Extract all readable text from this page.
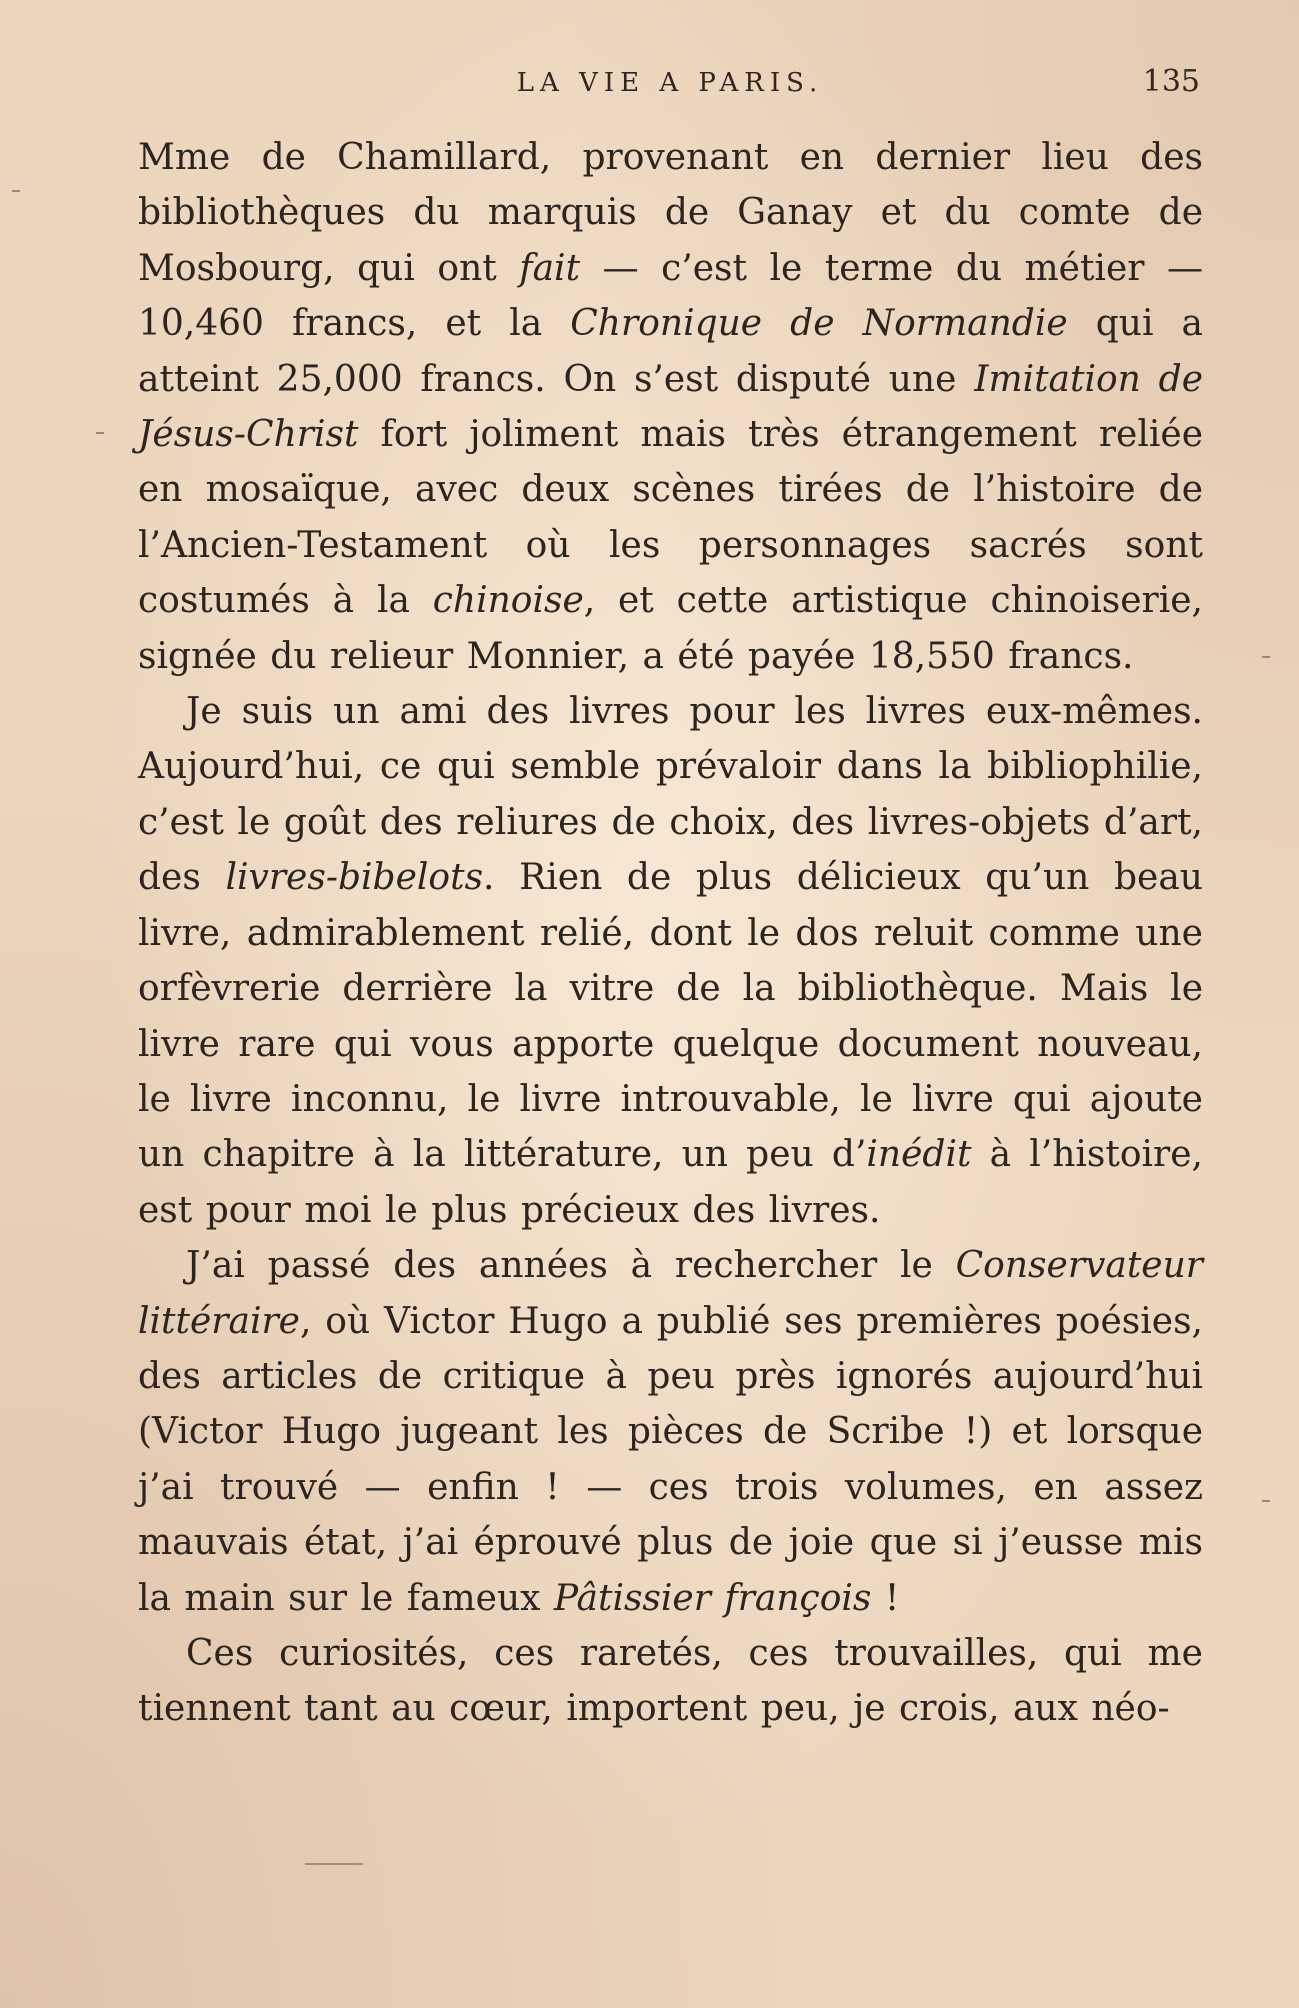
LA VIE A PARIS.	135

Mme de Chamillard, provenant en dernier lieu des bibliothèques du marquis de Ganay et du comte de Mosbourg, qui ont fait — c’est le terme du métier — 10,460 francs, et la Chronique de Normandie qui a atteint 25,000 francs. On s’est disputé une Imitation de Jésus-Christ fort joliment mais très étrangement reliée en mosaïque, avec deux scènes tirées de l’histoire de l’Ancien-Testament où les personnages sacrés sont costumés à la chinoise, et cette artistique chinoiserie, signée du relieur Monnier, a été payée 18,550 francs.

Je suis un ami des livres pour les livres eux-mêmes. Aujourd’hui, ce qui semble prévaloir dans la bibliophilie, c’est le goût des reliures de choix, des livres-objets d’art, des livres-bibelots. Rien de plus délicieux qu’un beau livre, admirablement relié, dont le dos reluit comme une orfèvrerie derrière la vitre de la bibliothèque. Mais le livre rare qui vous apporte quelque document nouveau, le livre inconnu, le livre introuvable, le livre qui ajoute un chapitre à la littérature, un peu d’inédit à l’histoire, est pour moi le plus précieux des livres.

J’ai passé des années à rechercher le Conservateur littéraire, où Victor Hugo a publié ses premières poésies, des articles de critique à peu près ignorés aujourd’hui (Victor Hugo jugeant les pièces de Scribe !) et lorsque j’ai trouvé — enfin ! — ces trois volumes, en assez mauvais état, j’ai éprouvé plus de joie que si j’eusse mis la main sur le fameux Pâtissier françois !

Ces curiosités, ces raretés, ces trouvailles, qui me tiennent tant au cœur, importent peu, je crois, aux néo-
